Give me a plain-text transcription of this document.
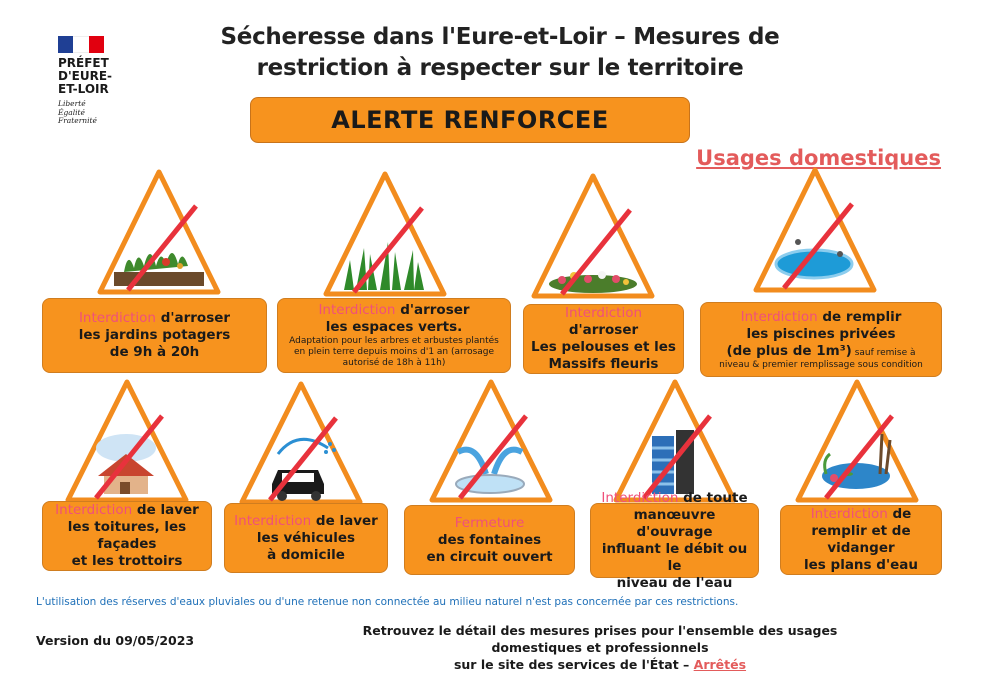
PRÉFET
D'EURE-
ET-LOIR
Liberté
Égalité
Fraternité
Sécheresse dans l'Eure-et-Loir – Mesures de
restriction à respecter sur le territoire
ALERTE RENFORCEE
Usages domestiques
Interdiction d'arroser
les jardins potagers
de 9h à 20h
Interdiction d'arroser
les espaces verts.
Adaptation pour les arbres et arbustes plantés en plein terre depuis moins d'1 an (arrosage autorisé de 18h à 11h)
Interdiction d'arroser
Les pelouses et les
Massifs fleuris
Interdiction de remplir
les piscines privées
(de plus de 1m³) sauf remise à
niveau & premier remplissage sous condition
Interdiction de laver
les toitures, les façades
et les trottoirs
Interdiction de laver
les véhicules
à domicile
Fermeture
des fontaines
en circuit ouvert
Interdiction de toute
manœuvre d'ouvrage
influant le débit ou le
niveau de l'eau
Interdiction de
remplir et de vidanger
les plans d'eau
L'utilisation des réserves d'eaux pluviales ou d'une retenue non connectée au milieu naturel n'est pas concernée par ces restrictions.
Version du 09/05/2023
Retrouvez le détail des mesures prises pour l'ensemble des usages domestiques et professionnels
sur le site des services de l'État – Arrêtés
